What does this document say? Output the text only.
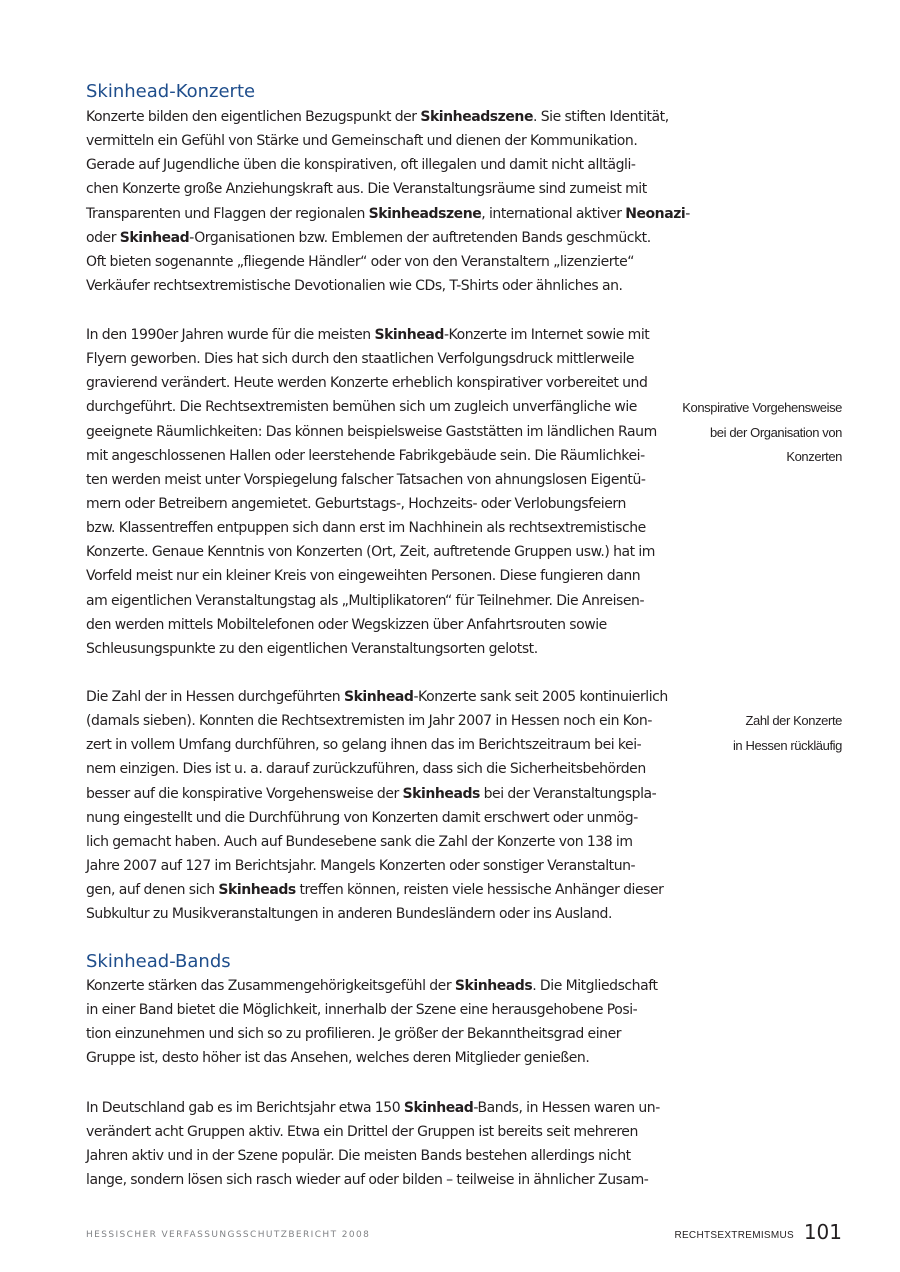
Skinhead-Konzerte
Konzerte bilden den eigentlichen Bezugspunkt der Skinheadszene. Sie stiften Identität,
vermitteln ein Gefühl von Stärke und Gemeinschaft und dienen der Kommunikation.
Gerade auf Jugendliche üben die konspirativen, oft illegalen und damit nicht alltägli-
chen Konzerte große Anziehungskraft aus. Die Veranstaltungsräume sind zumeist mit
Transparenten und Flaggen der regionalen Skinheadszene, international aktiver Neonazi-
oder Skinhead-Organisationen bzw. Emblemen der auftretenden Bands geschmückt.
Oft bieten sogenannte „fliegende Händler“ oder von den Veranstaltern „lizenzierte“
Verkäufer rechtsextremistische Devotionalien wie CDs, T-Shirts oder ähnliches an.
In den 1990er Jahren wurde für die meisten Skinhead-Konzerte im Internet sowie mit
Flyern geworben. Dies hat sich durch den staatlichen Verfolgungsdruck mittlerweile
gravierend verändert. Heute werden Konzerte erheblich konspirativer vorbereitet und
durchgeführt. Die Rechtsextremisten bemühen sich um zugleich unverfängliche wie
geeignete Räumlichkeiten: Das können beispielsweise Gaststätten im ländlichen Raum
mit angeschlossenen Hallen oder leerstehende Fabrikgebäude sein. Die Räumlichkei-
ten werden meist unter Vorspiegelung falscher Tatsachen von ahnungslosen Eigentü-
mern oder Betreibern angemietet. Geburtstags-, Hochzeits- oder Verlobungsfeiern
bzw. Klassentreffen entpuppen sich dann erst im Nachhinein als rechtsextremistische
Konzerte. Genaue Kenntnis von Konzerten (Ort, Zeit, auftretende Gruppen usw.) hat im
Vorfeld meist nur ein kleiner Kreis von eingeweihten Personen. Diese fungieren dann
am eigentlichen Veranstaltungstag als „Multiplikatoren“ für Teilnehmer. Die Anreisen-
den werden mittels Mobiltelefonen oder Wegskizzen über Anfahrtsrouten sowie
Schleusungspunkte zu den eigentlichen Veranstaltungsorten gelotst.
Die Zahl der in Hessen durchgeführten Skinhead-Konzerte sank seit 2005 kontinuierlich
(damals sieben). Konnten die Rechtsextremisten im Jahr 2007 in Hessen noch ein Kon-
zert in vollem Umfang durchführen, so gelang ihnen das im Berichtszeitraum bei kei-
nem einzigen. Dies ist u. a. darauf zurückzuführen, dass sich die Sicherheitsbehörden
besser auf die konspirative Vorgehensweise der Skinheads bei der Veranstaltungspla-
nung eingestellt und die Durchführung von Konzerten damit erschwert oder unmög-
lich gemacht haben. Auch auf Bundesebene sank die Zahl der Konzerte von 138 im
Jahre 2007 auf 127 im Berichtsjahr. Mangels Konzerten oder sonstiger Veranstaltun-
gen, auf denen sich Skinheads treffen können, reisten viele hessische Anhänger dieser
Subkultur zu Musikveranstaltungen in anderen Bundesländern oder ins Ausland.
Skinhead-Bands
Konzerte stärken das Zusammengehörigkeitsgefühl der Skinheads. Die Mitgliedschaft
in einer Band bietet die Möglichkeit, innerhalb der Szene eine herausgehobene Posi-
tion einzunehmen und sich so zu profilieren. Je größer der Bekanntheitsgrad einer
Gruppe ist, desto höher ist das Ansehen, welches deren Mitglieder genießen.
In Deutschland gab es im Berichtsjahr etwa 150 Skinhead-Bands, in Hessen waren un-
verändert acht Gruppen aktiv. Etwa ein Drittel der Gruppen ist bereits seit mehreren
Jahren aktiv und in der Szene populär. Die meisten Bands bestehen allerdings nicht
lange, sondern lösen sich rasch wieder auf oder bilden – teilweise in ähnlicher Zusam-
Konspirative Vorgehensweise
bei der Organisation von
Konzerten
Zahl der Konzerte
in Hessen rückläufig
HESSISCHER VERFASSUNGSSCHUTZBERICHT 2008	RECHTSEXTREMISMUS 101
